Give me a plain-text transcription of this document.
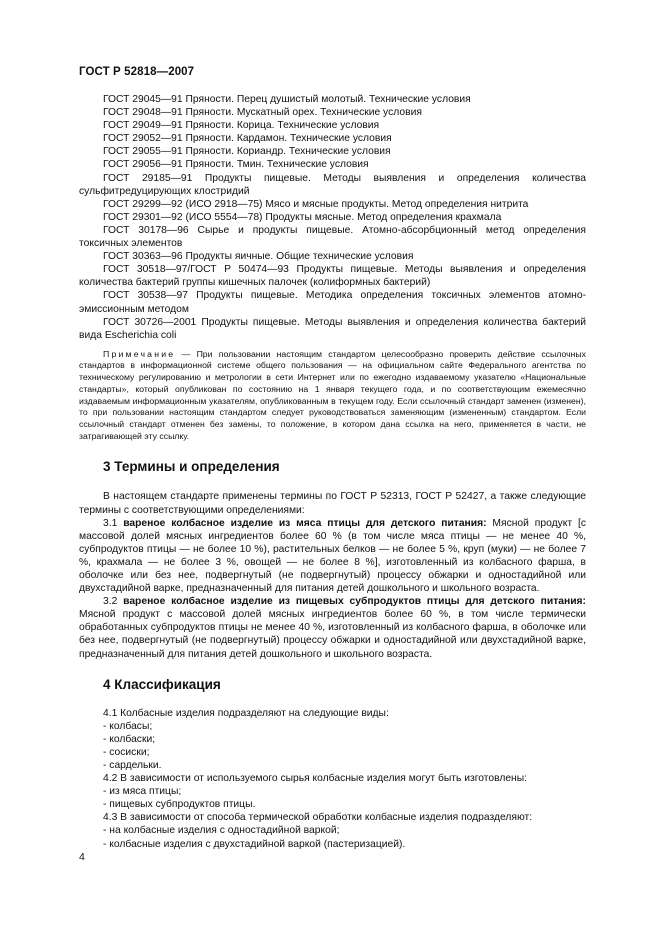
ГОСТ Р 52818—2007

ГОСТ 29045—91 Пряности. Перец душистый молотый. Технические условия

ГОСТ 29048—91 Пряности. Мускатный орех. Технические условия

ГОСТ 29049—91 Пряности. Корица. Технические условия

ГОСТ 29052—91 Пряности. Кардамон. Технические условия

ГОСТ 29055—91 Пряности. Кориандр. Технические условия

ГОСТ 29056—91 Пряности. Тмин. Технические условия

ГОСТ 29185—91 Продукты пищевые. Методы выявления и определения количества сульфитредуцирующих клостридий

ГОСТ 29299—92 (ИСО 2918—75) Мясо и мясные продукты. Метод определения нитрита

ГОСТ 29301—92 (ИСО 5554—78) Продукты мясные. Метод определения крахмала

ГОСТ 30178—96 Сырье и продукты пищевые. Атомно-абсорбционный метод определения токсичных элементов

ГОСТ 30363—96 Продукты яичные. Общие технические условия

ГОСТ 30518—97/ГОСТ Р 50474—93 Продукты пищевые. Методы выявления и определения количества бактерий группы кишечных палочек (колиформных бактерий)

ГОСТ 30538—97 Продукты пищевые. Методика определения токсичных элементов атомно-эмиссионным методом

ГОСТ 30726—2001 Продукты пищевые. Методы выявления и определения количества бактерий вида Escherichia coli

Примечание — При пользовании настоящим стандартом целесообразно проверить действие ссылочных стандартов в информационной системе общего пользования — на официальном сайте Федерального агентства по техническому регулированию и метрологии в сети Интернет или по ежегодно издаваемому указателю «Национальные стандарты», который опубликован по состоянию на 1 января текущего года, и по соответствующим ежемесячно издаваемым информационным указателям, опубликованным в текущем году. Если ссылочный стандарт заменен (изменен), то при пользовании настоящим стандартом следует руководствоваться заменяющим (измененным) стандартом. Если ссылочный стандарт отменен без замены, то положение, в котором дана ссылка на него, применяется в части, не затрагивающей эту ссылку.

3 Термины и определения

В настоящем стандарте применены термины по ГОСТ Р 52313, ГОСТ Р 52427, а также следующие термины с соответствующими определениями:

3.1 вареное колбасное изделие из мяса птицы для детского питания: Мясной продукт [с массовой долей мясных ингредиентов более 60 % (в том числе мяса птицы — не менее 40 %, субпродуктов птицы — не более 10 %), растительных белков — не более 5 %, круп (муки) — не более 7 %, крахмала — не более 3 %, овощей — не более 8 %], изготовленный из колбасного фарша, в оболочке или без нее, подвергнутый (не подвергнутый) процессу обжарки и одностадийной или двухстадийной варке, предназначенный для питания детей дошкольного и школьного возраста.

3.2 вареное колбасное изделие из пищевых субпродуктов птицы для детского питания: Мясной продукт с массовой долей мясных ингредиентов более 60 %, в том числе термически обработанных субпродуктов птицы не менее 40 %, изготовленный из колбасного фарша, в оболочке или без нее, подвергнутый (не подвергнутый) процессу обжарки и одностадийной или двухстадийной варке, предназначенный для питания детей дошкольного и школьного возраста.

4 Классификация

4.1 Колбасные изделия подразделяют на следующие виды:

- колбасы;

- колбаски;

- сосиски;

- сардельки.

4.2 В зависимости от используемого сырья колбасные изделия могут быть изготовлены:

- из мяса птицы;

- пищевых субпродуктов птицы.

4.3 В зависимости от способа термической обработки колбасные изделия подразделяют:

- на колбасные изделия с одностадийной варкой;

- колбасные изделия с двухстадийной варкой (пастеризацией).

4
